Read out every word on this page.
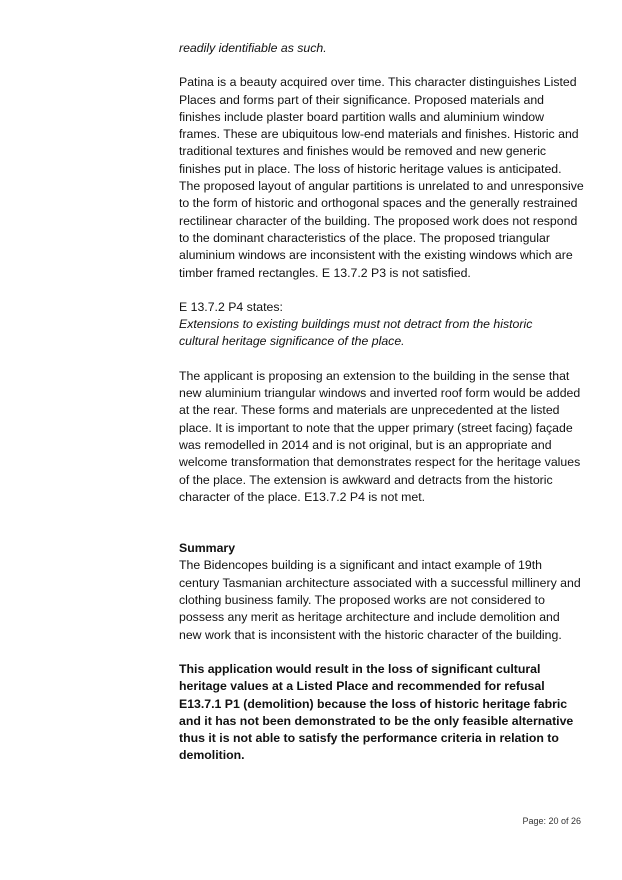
readily identifiable as such.

Patina is a beauty acquired over time. This character distinguishes Listed
Places and forms part of their significance. Proposed materials and
finishes include plaster board partition walls and aluminium window
frames. These are ubiquitous low-end materials and finishes. Historic and
traditional textures and finishes would be removed and new generic
finishes put in place. The loss of historic heritage values is anticipated.
The proposed layout of angular partitions is unrelated to and unresponsive
to the form of historic and orthogonal spaces and the generally restrained
rectilinear character of the building. The proposed work does not respond
to the dominant characteristics of the place. The proposed triangular
aluminium windows are inconsistent with the existing windows which are
timber framed rectangles. E 13.7.2 P3 is not satisfied.

E 13.7.2 P4 states:

Extensions to existing buildings must not detract from the historic
cultural heritage significance of the place.
The applicant is proposing an extension to the building in the sense that
new aluminium triangular windows and inverted roof form would be added
at the rear. These forms and materials are unprecedented at the listed
place. It is important to note that the upper primary (street facing) façade
was remodelled in 2014 and is not original, but is an appropriate and
welcome transformation that demonstrates respect for the heritage values
of the place. The extension is awkward and detracts from the historic
character of the place. E13.7.2 P4 is not met.

Summary

The Bidencopes building is a significant and intact example of 19th
century Tasmanian architecture associated with a successful millinery and
clothing business family. The proposed works are not considered to
possess any merit as heritage architecture and include demolition and
new work that is inconsistent with the historic character of the building.
This application would result in the loss of significant cultural
heritage values at a Listed Place and recommended for refusal
E13.7.1 P1 (demolition) because the loss of historic heritage fabric
and it has not been demonstrated to be the only feasible alternative
thus it is not able to satisfy the performance criteria in relation to
demolition.
Page: 20 of 26
